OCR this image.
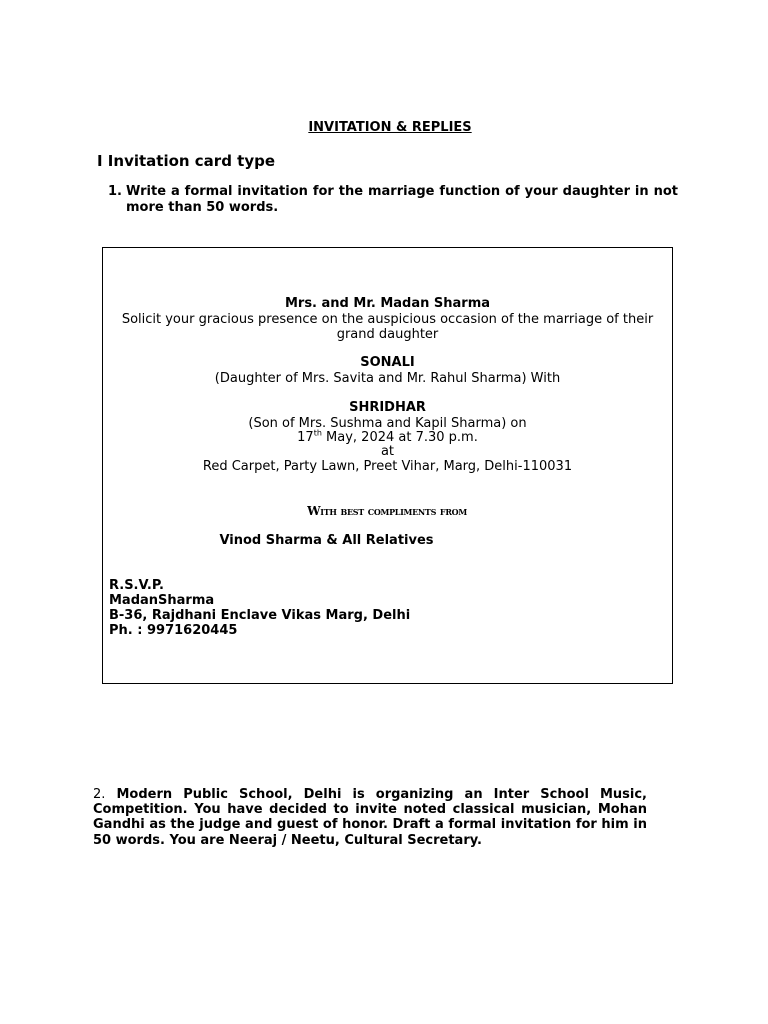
INVITATION & REPLIES
I Invitation card type
1. Write a formal invitation for the marriage function of your daughter in not more than 50 words.
Mrs. and Mr. Madan Sharma
Solicit your gracious presence on the auspicious occasion of the marriage of their
grand daughter
SONALI
(Daughter of Mrs. Savita and Mr. Rahul Sharma) With
SHRIDHAR
(Son of Mrs. Sushma and Kapil Sharma) on
17th May, 2024 at 7.30 p.m.
at
Red Carpet, Party Lawn, Preet Vihar, Marg, Delhi-110031
With best compliments from
Vinod Sharma & All Relatives
R.S.V.P.
MadanSharma
B-36, Rajdhani Enclave Vikas Marg, Delhi
Ph. : 9971620445
2. Modern Public School, Delhi is organizing an Inter School Music, Competition. You have decided to invite noted classical musician, Mohan Gandhi as the judge and guest of honor. Draft a formal invitation for him in 50 words. You are Neeraj / Neetu, Cultural Secretary.
